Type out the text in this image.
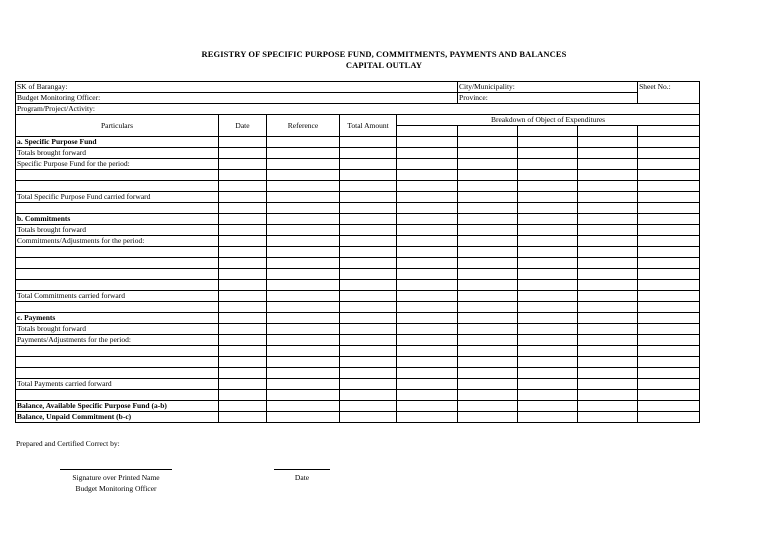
REGISTRY OF SPECIFIC PURPOSE FUND, COMMITMENTS, PAYMENTS AND BALANCES
CAPITAL OUTLAY
SK of Barangay:					City/Municipality:			Sheet No.:
Budget Monitoring Officer:					Province:			
Program/Project/Activity:								
Particulars	Date	Reference	Total Amount	Breakdown of Object of Expenditures				

a. Specific Purpose Fund								
Totals brought forward								
Specific Purpose Fund for the period:								

Total Specific Purpose Fund carried forward								

b. Commitments								
Totals brought forward								
Commitments/Adjustments for the period:								

Total Commitments carried forward								

c. Payments								
Totals brought forward								
Payments/Adjustments for the period:								

Total Payments carried forward								

Balance, Available Specific Purpose Fund (a-b)								
Balance, Unpaid Commitment (b-c)								
Prepared and Certified Correct by:
Signature over Printed Name
Budget Monitoring Officer
Date
